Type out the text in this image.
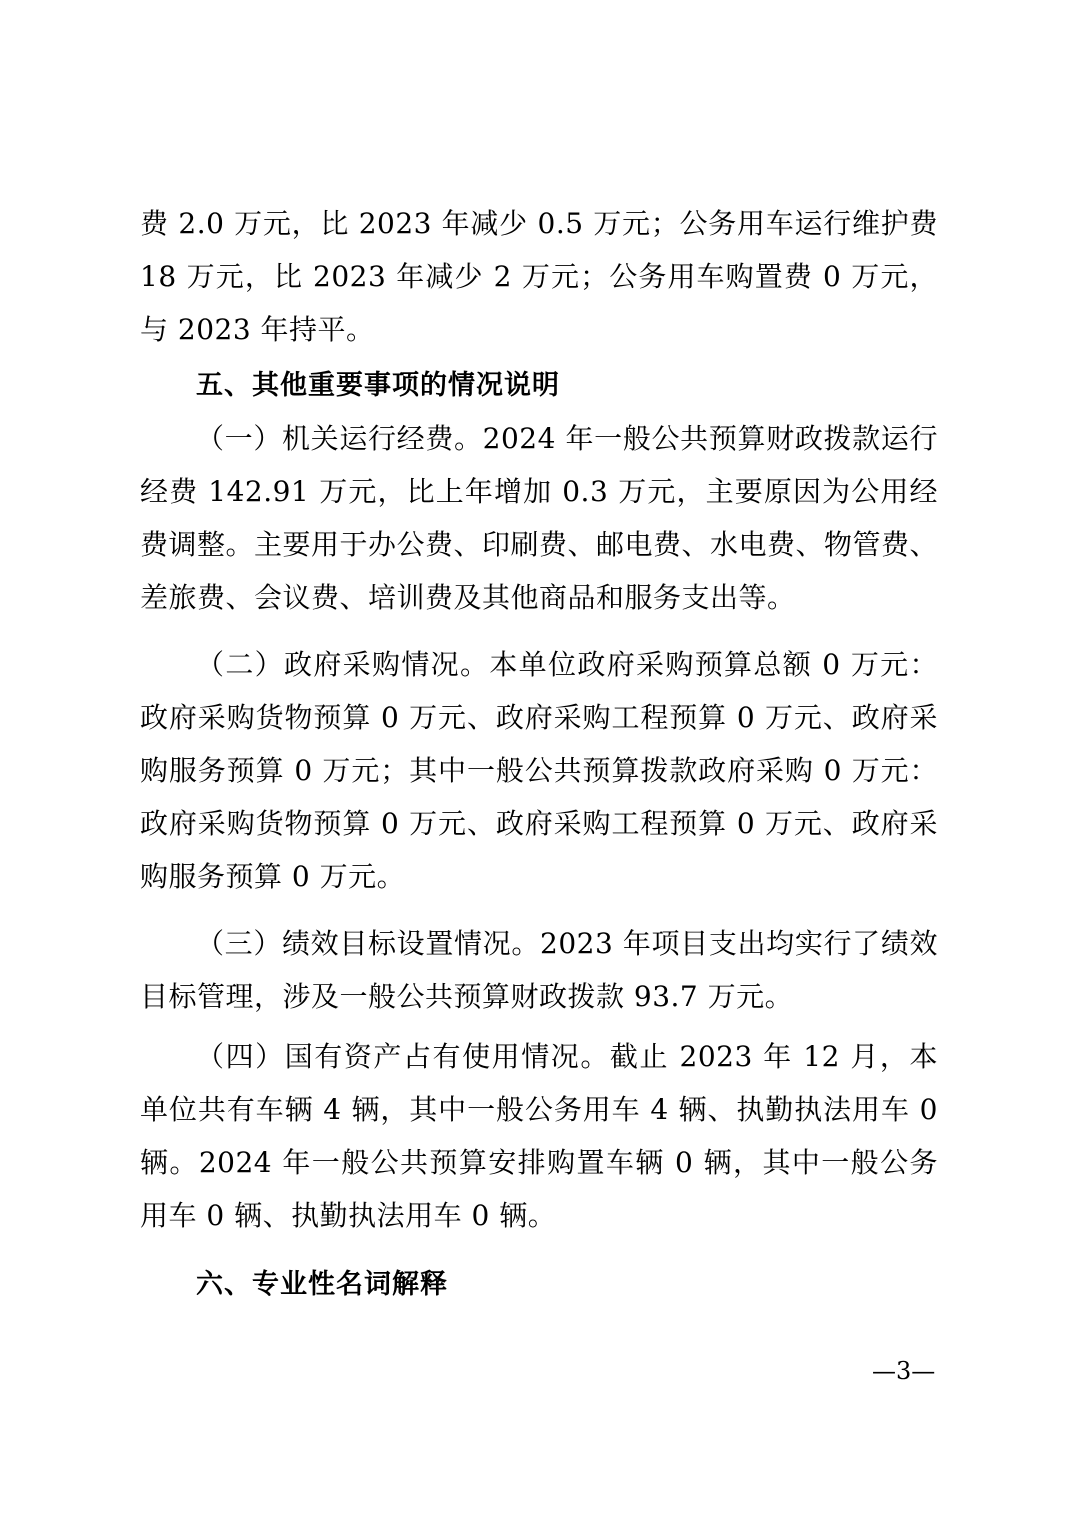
费 2.0 万元，比 2023 年减少 0.5 万元；公务用车运行维护费 18 万元，比 2023 年减少 2 万元；公务用车购置费 0 万元，与 2023 年持平。

五、其他重要事项的情况说明

（一）机关运行经费。2024 年一般公共预算财政拨款运行经费 142.91 万元，比上年增加 0.3 万元，主要原因为公用经费调整。主要用于办公费、印刷费、邮电费、水电费、物管费、差旅费、会议费、培训费及其他商品和服务支出等。

（二）政府采购情况。本单位政府采购预算总额 0 万元：政府采购货物预算 0 万元、政府采购工程预算 0 万元、政府采购服务预算 0 万元；其中一般公共预算拨款政府采购 0 万元：政府采购货物预算 0 万元、政府采购工程预算 0 万元、政府采购服务预算 0 万元。

（三）绩效目标设置情况。2023 年项目支出均实行了绩效目标管理，涉及一般公共预算财政拨款 93.7 万元。

（四）国有资产占有使用情况。截止 2023 年 12 月，本单位共有车辆 4 辆，其中一般公务用车 4 辆、执勤执法用车 0 辆。2024 年一般公共预算安排购置车辆 0 辆，其中一般公务用车 0 辆、执勤执法用车 0 辆。

六、专业性名词解释

—3—
